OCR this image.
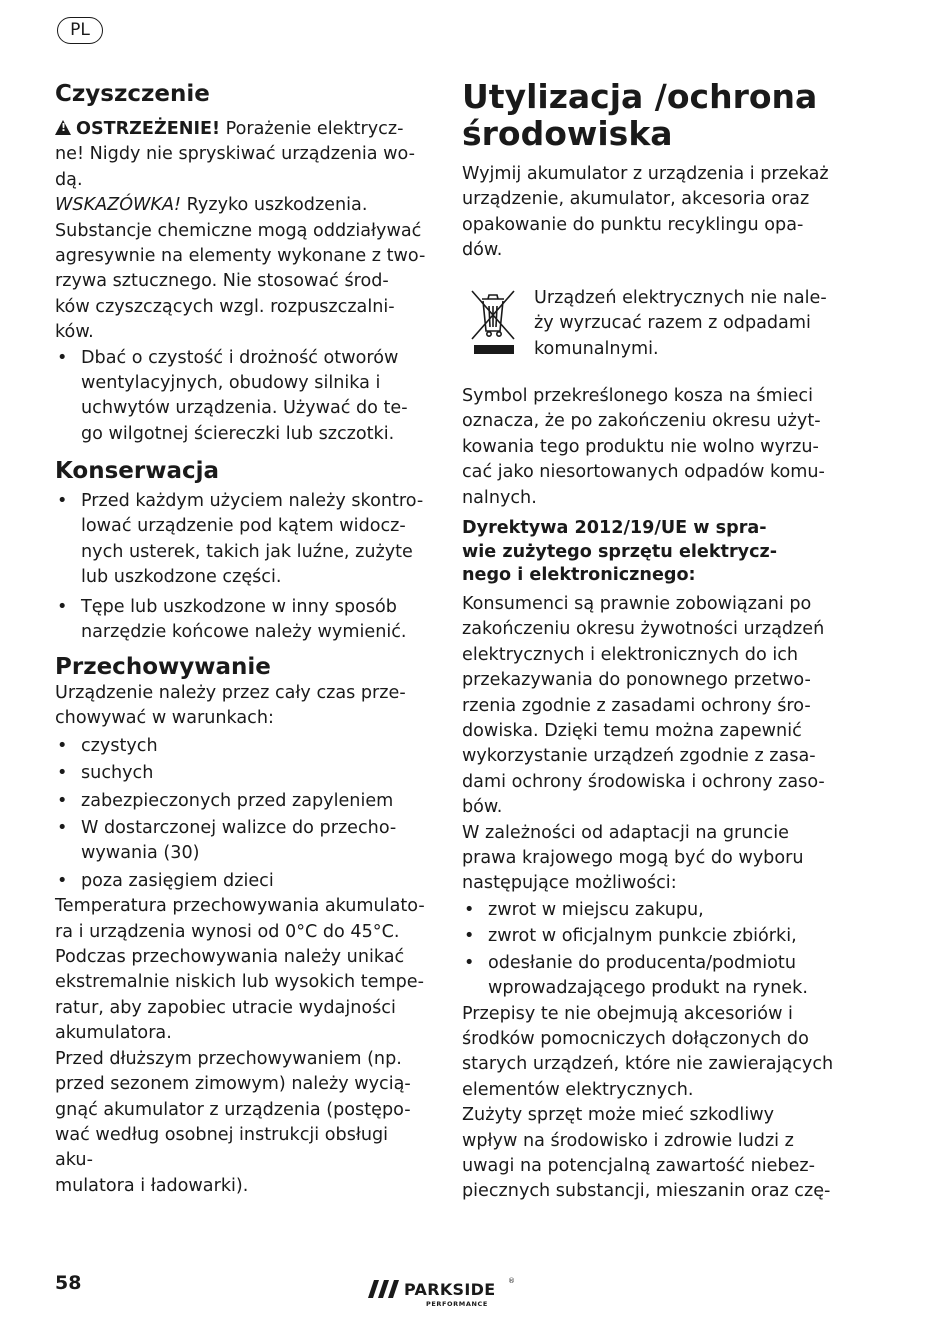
PL
Czyszczenie
!OSTRZEŻENIE! Porażenie elektrycz-
ne! Nigdy nie spryskiwać urządzenia wo-
dą.
WSKAZÓWKA! Ryzyko uszkodzenia.
Substancje chemiczne mogą oddziaływać
agresywnie na elementy wykonane z two-
rzywa sztucznego. Nie stosować środ-
ków czyszczących wzgl. rozpuszczalni-
ków.
• Dbać o czystość i drożność otworów
wentylacyjnych, obudowy silnika i
uchwytów urządzenia. Używać do te-
go wilgotnej ściereczki lub szczotki.
Konserwacja
• Przed każdym użyciem należy skontro-
lować urządzenie pod kątem widocz-
nych usterek, takich jak luźne, zużyte
lub uszkodzone części.
• Tępe lub uszkodzone w inny sposób
narzędzie końcowe należy wymienić.
Przechowywanie
Urządzenie należy przez cały czas prze-
chowywać w warunkach:
• czystych
• suchych
• zabezpieczonych przed zapyleniem
• W dostarczonej walizce do przecho-
wywania (30)
• poza zasięgiem dzieci
Temperatura przechowywania akumulato-
ra i urządzenia wynosi od 0°C do 45°C.
Podczas przechowywania należy unikać
ekstremalnie niskich lub wysokich tempe-
ratur, aby zapobiec utracie wydajności
akumulatora.
Przed dłuższym przechowywaniem (np.
przed sezonem zimowym) należy wycią-
gnąć akumulator z urządzenia (postępo-
wać według osobnej instrukcji obsługi aku-
mulatora i ładowarki).
Utylizacja /ochrona
środowiska
Wyjmij akumulator z urządzenia i przekaż
urządzenie, akumulator, akcesoria oraz
opakowanie do punktu recyklingu opa-
dów.
Urządzeń elektrycznych nie nale-
ży wyrzucać razem z odpadami
komunalnymi.
Symbol przekreślonego kosza na śmieci
oznacza, że po zakończeniu okresu użyt-
kowania tego produktu nie wolno wyrzu-
cać jako niesortowanych odpadów komu-
nalnych.
Dyrektywa 2012/19/UE w spra-
wie zużytego sprzętu elektrycz-
nego i elektronicznego:
Konsumenci są prawnie zobowiązani po
zakończeniu okresu żywotności urządzeń
elektrycznych i elektronicznych do ich
przekazywania do ponownego przetwo-
rzenia zgodnie z zasadami ochrony śro-
dowiska. Dzięki temu można zapewnić
wykorzystanie urządzeń zgodnie z zasa-
dami ochrony środowiska i ochrony zaso-
bów.
W zależności od adaptacji na gruncie
prawa krajowego mogą być do wyboru
następujące możliwości:
• zwrot w miejscu zakupu,
• zwrot w oficjalnym punkcie zbiórki,
• odesłanie do producenta/podmiotu
wprowadzającego produkt na rynek.
Przepisy te nie obejmują akcesoriów i
środków pomocniczych dołączonych do
starych urządzeń, które nie zawierających
elementów elektrycznych.
Zużyty sprzęt może mieć szkodliwy
wpływ na środowisko i zdrowie ludzi z
uwagi na potencjalną zawartość niebez-
piecznych substancji, mieszanin oraz czę-
58	PARKSIDE ®
PERFORMANCE
